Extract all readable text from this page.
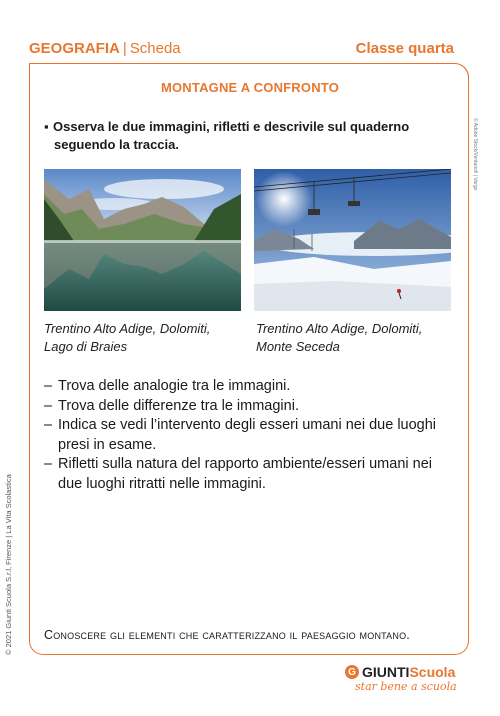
GEOGRAFIA | Scheda	Classe quarta
MONTAGNE A CONFRONTO
▪ Osserva le due immagini, rifletti e descrivile sul quaderno
seguendo la traccia.
Trentino Alto Adige, Dolomiti,
Lago di Braies
Trentino Alto Adige, Dolomiti,
Monte Seceda
– Trova delle analogie tra le immagini.
– Trova delle differenze tra le immagini.
– Indica se vedi l’intervento degli esseri umani nei due luoghi presi in esame.
– Rifletti sulla natura del rapporto ambiente/esseri umani nei due luoghi ritratti nelle immagini.
Conoscere gli elementi che caratterizzano il paesaggio montano.
© 2021 Giunti Scuola S.r.l, Firenze | La Vita Scolastica
© Adobe Stock/Ventanofi | Vargo
G GIUNTI Scuola
star bene a scuola
